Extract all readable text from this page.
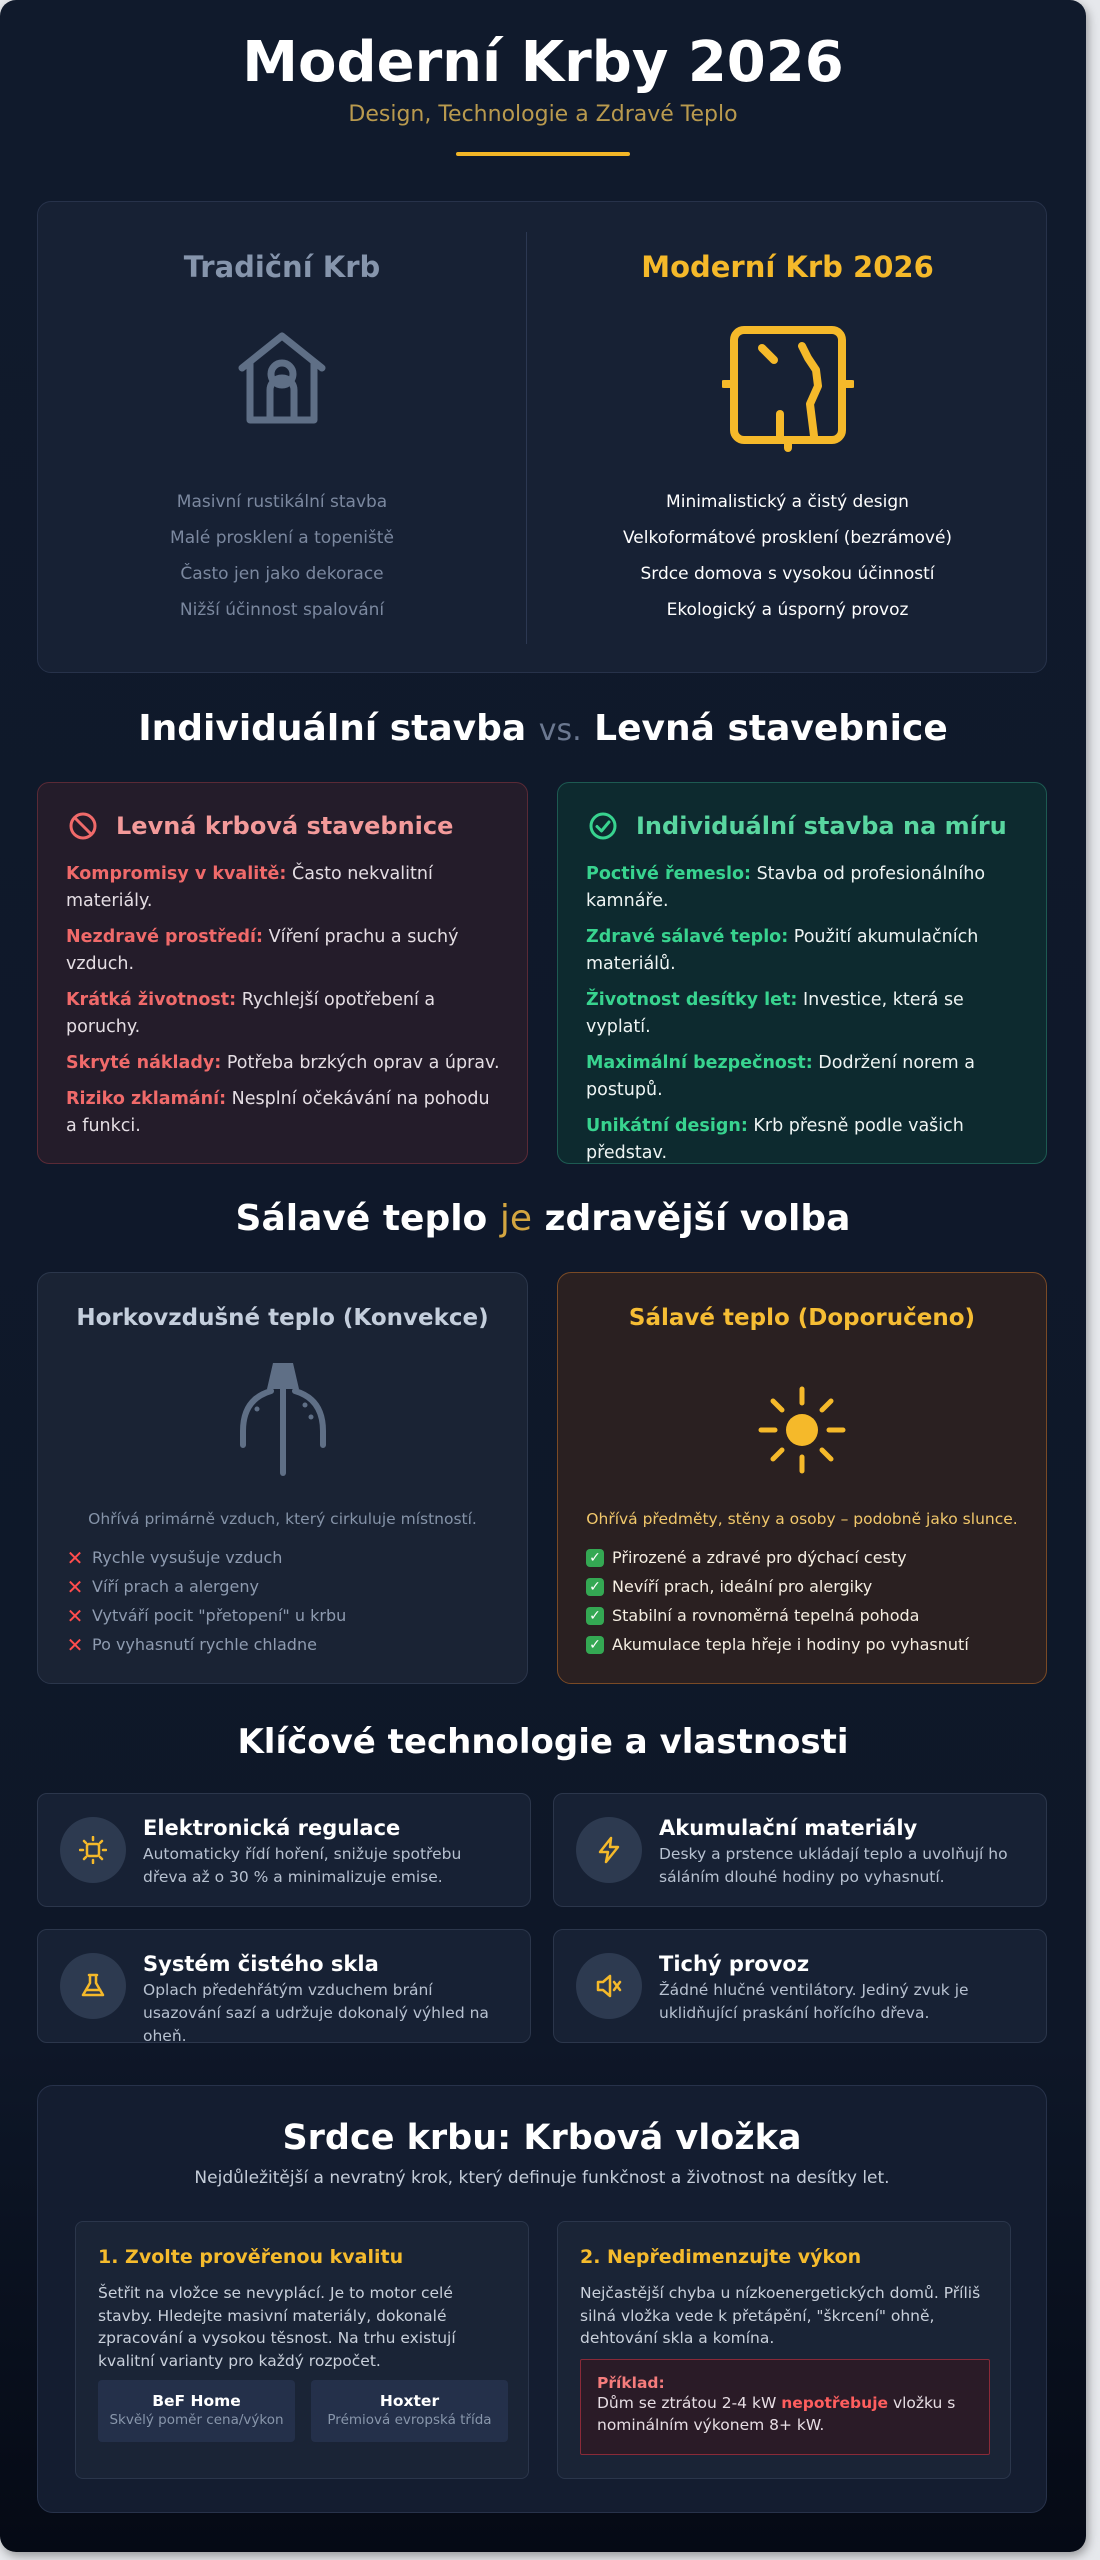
Moderní Krby 2026
Design, Technologie a Zdravé Teplo
Tradiční Krb
Masivní rustikální stavba
Malé prosklení a topeniště
Často jen jako dekorace
Nižší účinnost spalování
Moderní Krb 2026
Minimalistický a čistý design
Velkoformátové prosklení (bezrámové)
Srdce domova s vysokou účinností
Ekologický a úsporný provoz
Individuální stavba vs. Levná stavebnice
Levná krbová stavebnice
Kompromisy v kvalitě: Často nekvalitní materiály.
Nezdravé prostředí: Víření prachu a suchý vzduch.
Krátká životnost: Rychlejší opotřebení a poruchy.
Skryté náklady: Potřeba brzkých oprav a úprav.
Riziko zklamání: Nesplní očekávání na pohodu a funkci.
Individuální stavba na míru
Poctivé řemeslo: Stavba od profesionálního kamnáře.
Zdravé sálavé teplo: Použití akumulačních materiálů.
Životnost desítky let: Investice, která se vyplatí.
Maximální bezpečnost: Dodržení norem a postupů.
Unikátní design: Krb přesně podle vašich představ.
Sálavé teplo je zdravější volba
Horkovzdušné teplo (Konvekce)
Ohřívá primárně vzduch, který cirkuluje místností.
✕ Rychle vysušuje vzduch
✕ Víří prach a alergeny
✕ Vytváří pocit "přetopení" u krbu
✕ Po vyhasnutí rychle chladne
Sálavé teplo (Doporučeno)
Ohřívá předměty, stěny a osoby – podobně jako slunce.
✓ Přirozené a zdravé pro dýchací cesty
✓ Nevíří prach, ideální pro alergiky
✓ Stabilní a rovnoměrná tepelná pohoda
✓ Akumulace tepla hřeje i hodiny po vyhasnutí
Klíčové technologie a vlastnosti
Elektronická regulace

Automaticky řídí hoření, snižuje spotřebu dřeva až o 30 % a minimalizuje emise.

Akumulační materiály

Desky a prstence ukládají teplo a uvolňují ho sáláním dlouhé hodiny po vyhasnutí.

Systém čistého skla

Oplach předehřátým vzduchem brání usazování sazí a udržuje dokonalý výhled na oheň.

Tichý provoz

Žádné hlučné ventilátory. Jediný zvuk je uklidňující praskání hořícího dřeva.

Srdce krbu: Krbová vložka
Nejdůležitější a nevratný krok, který definuje funkčnost a životnost na desítky let.
1. Zvolte prověřenou kvalitu

Šetřit na vložce se nevyplácí. Je to motor celé stavby. Hledejte masivní materiály, dokonalé zpracování a vysokou těsnost. Na trhu existují kvalitní varianty pro každý rozpočet.

BeF Home
Skvělý poměr cena/výkon
Hoxter
Prémiová evropská třída
2. Nepředimenzujte výkon

Nejčastější chyba u nízkoenergetických domů. Příliš silná vložka vede k přetápění, "škrcení" ohně, dehtování skla a komína.

Příklad:
Dům se ztrátou 2-4 kW nepotřebuje vložku s nominálním výkonem 8+ kW.
